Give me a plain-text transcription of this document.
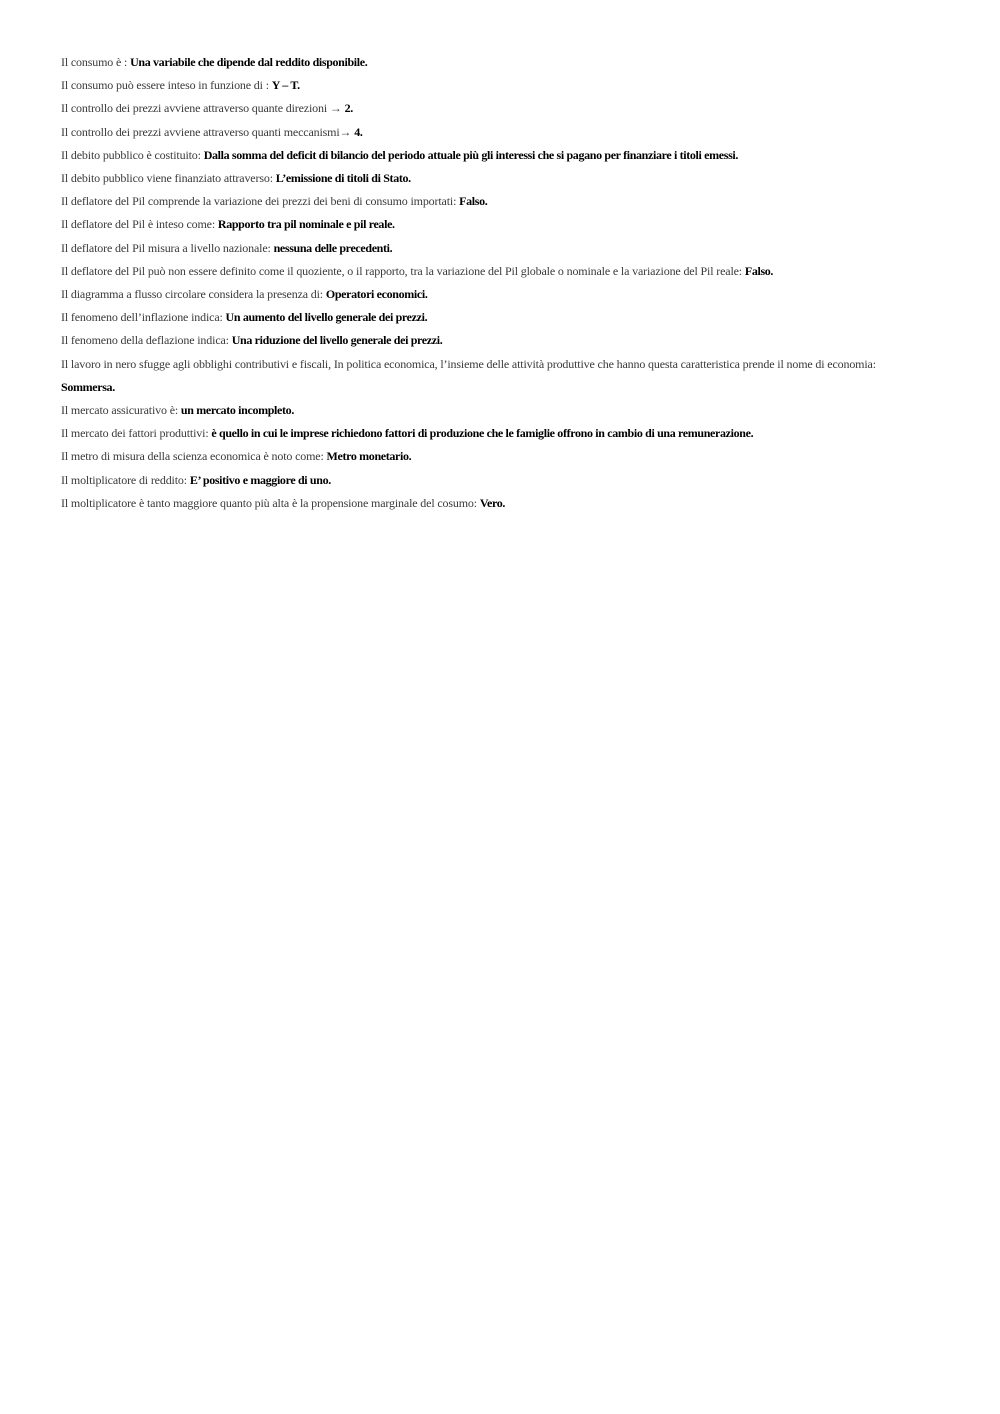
Il consumo è : Una variabile che dipende dal reddito disponibile.

Il consumo può essere inteso in funzione di : Y – T.

Il controllo dei prezzi avviene attraverso quante direzioni → 2.

Il controllo dei prezzi avviene attraverso quanti meccanismi→ 4.

Il debito pubblico è costituito: Dalla somma del deficit di bilancio del periodo attuale più gli interessi che si pagano per finanziare i titoli emessi.

Il debito pubblico viene finanziato attraverso: L’emissione di titoli di Stato.

Il deflatore del Pil comprende la variazione dei prezzi dei beni di consumo importati: Falso.

Il deflatore del Pil è inteso come: Rapporto tra pil nominale e pil reale.

Il deflatore del Pil misura a livello nazionale: nessuna delle precedenti.

Il deflatore del Pil può non essere definito come il quoziente, o il rapporto, tra la variazione del Pil globale o nominale e la variazione del Pil reale: Falso.

Il diagramma a flusso circolare considera la presenza di: Operatori economici.

Il fenomeno dell’inflazione indica: Un aumento del livello generale dei prezzi.

Il fenomeno della deflazione indica: Una riduzione del livello generale dei prezzi.

Il lavoro in nero sfugge agli obblighi contributivi e fiscali, In politica economica, l’insieme delle attività produttive che hanno questa caratteristica prende il nome di economia: Sommersa.

Il mercato assicurativo è: un mercato incompleto.

Il mercato dei fattori produttivi: è quello in cui le imprese richiedono fattori di produzione che le famiglie offrono in cambio di una remunerazione.

Il metro di misura della scienza economica è noto come: Metro monetario.

Il moltiplicatore di reddito: E’ positivo e maggiore di uno.

Il moltiplicatore è tanto maggiore quanto più alta è la propensione marginale del cosumo: Vero.
